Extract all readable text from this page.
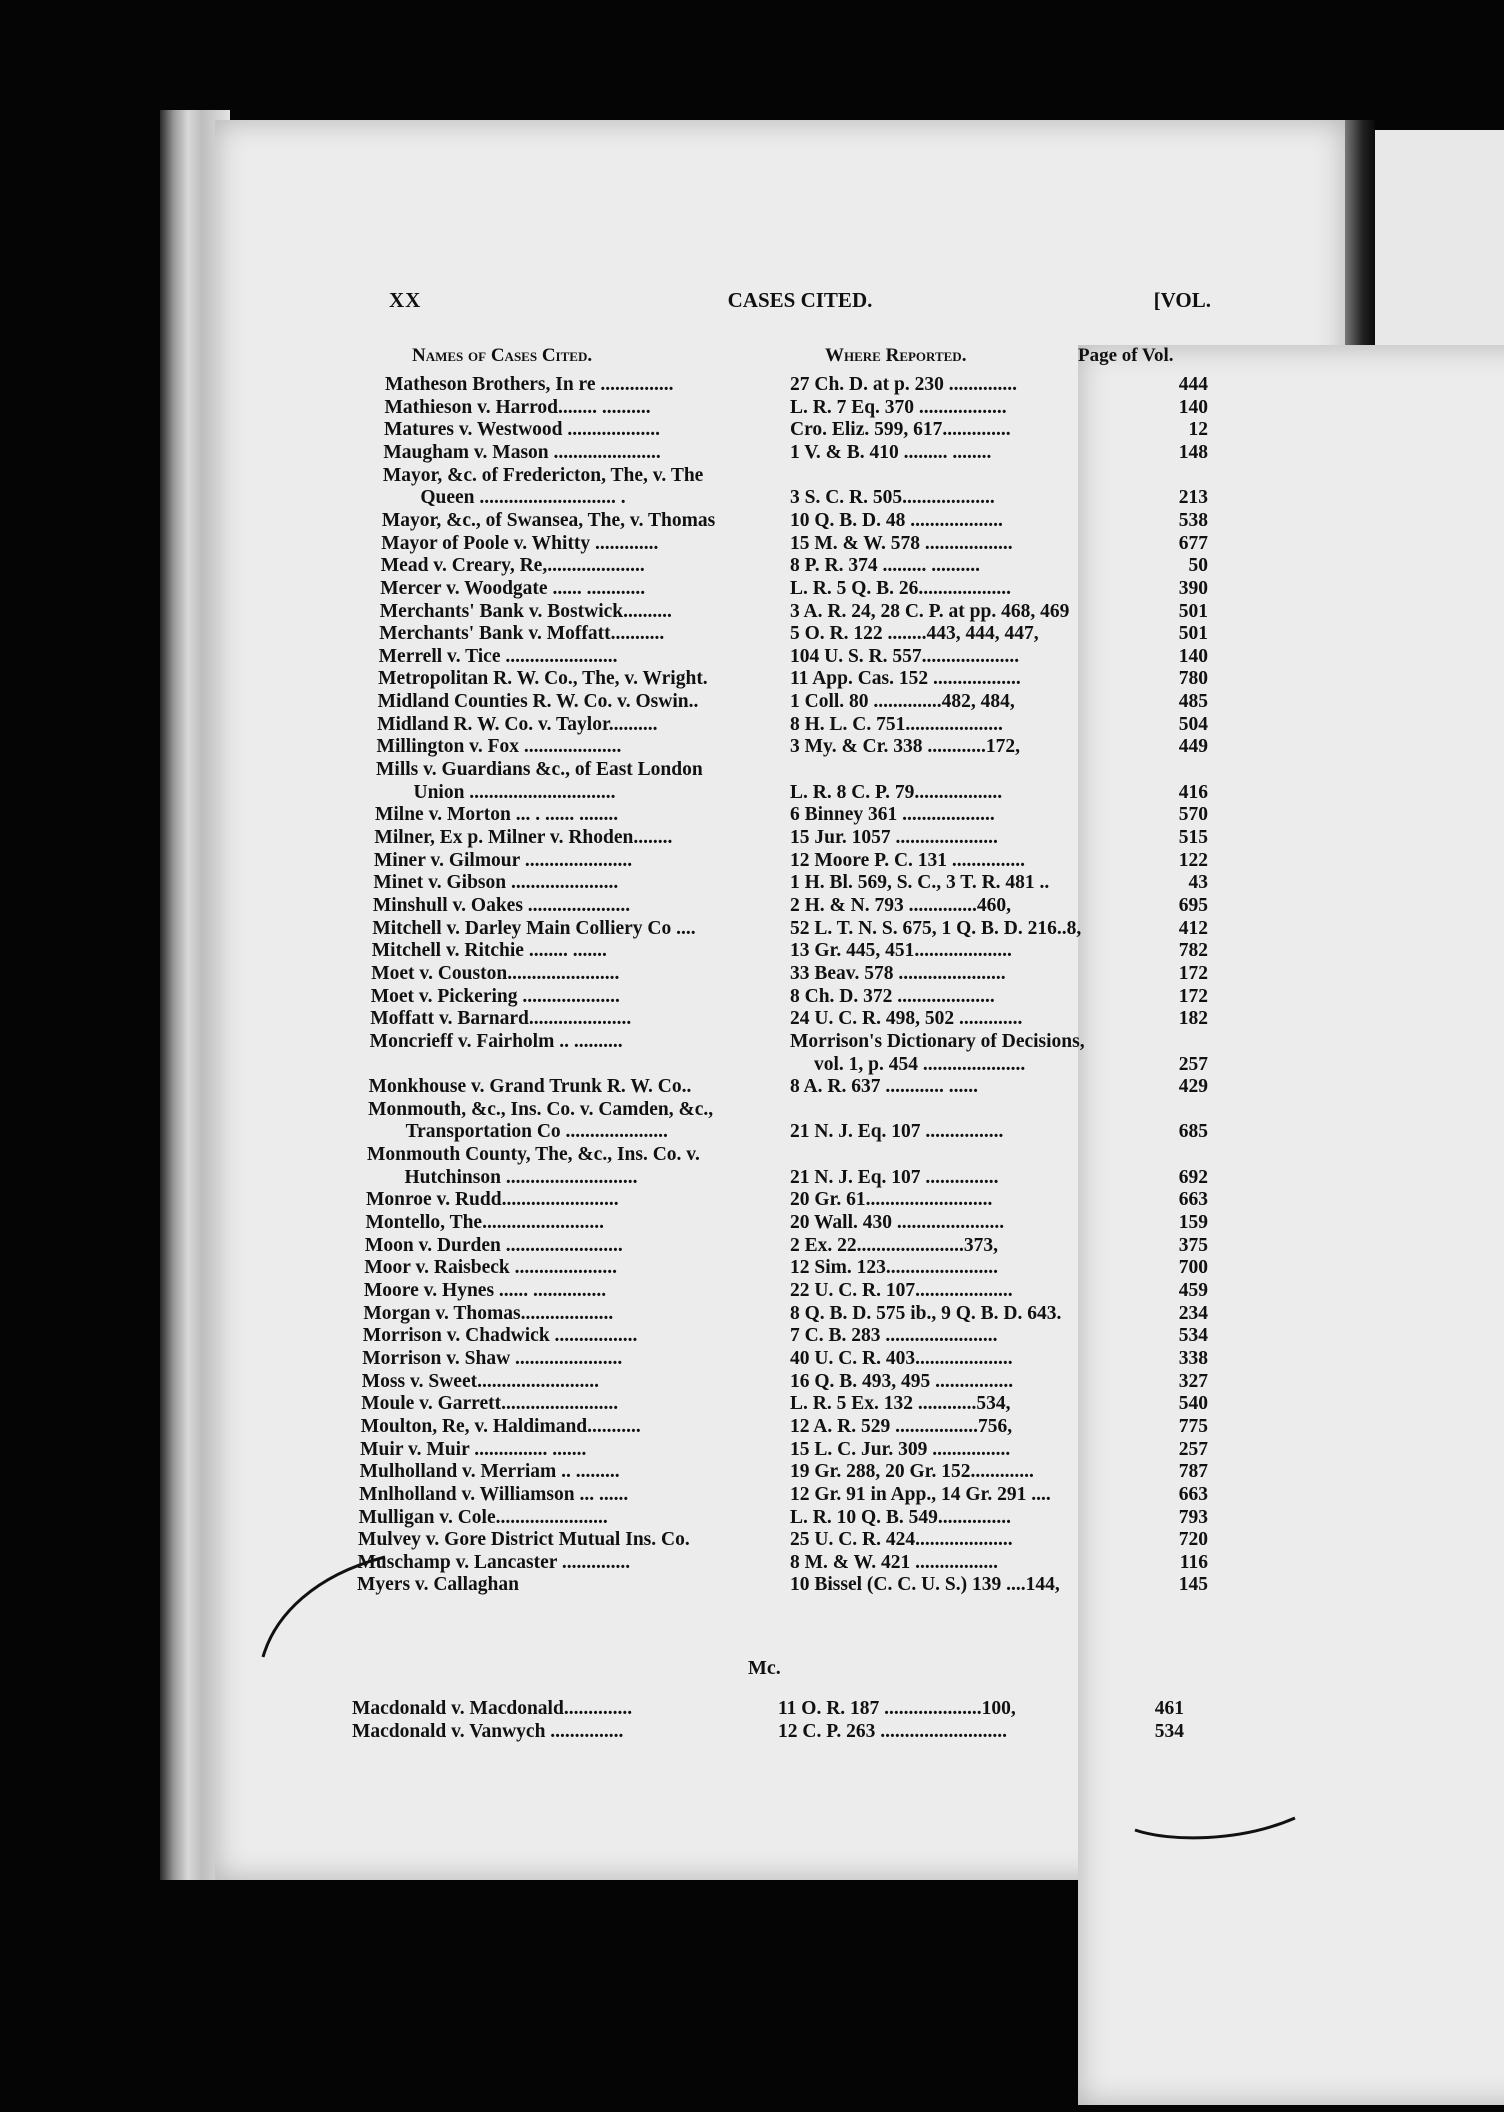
XX	CASES CITED.	[VOL.
Names of Cases Cited.	Where Reported.	Page of Vol.
Matheson Brothers, In re ...............	27 Ch. D. at p. 230 ..............	444
Mathieson v. Harrod........ ..........	L. R. 7 Eq. 370 ..................	140
Matures v. Westwood ...................	Cro. Eliz. 599, 617..............	12
Maugham v. Mason ......................	1 V. & B. 410 ......... ........	148
Mayor, &c. of Fredericton, The, v. The
Queen ............................ .	3 S. C. R. 505...................	213
Mayor, &c., of Swansea, The, v. Thomas	10 Q. B. D. 48 ...................	538
Mayor of Poole v. Whitty .............	15 M. & W. 578 ..................	677
Mead v. Creary, Re,....................	8 P. R. 374 ......... ..........	50
Mercer v. Woodgate ...... ............	L. R. 5 Q. B. 26...................	390
Merchants' Bank v. Bostwick..........	3 A. R. 24, 28 C. P. at pp. 468, 469	501
Merchants' Bank v. Moffatt...........	5 O. R. 122 ........443, 444, 447,	501
Merrell v. Tice .......................	104 U. S. R. 557....................	140
Metropolitan R. W. Co., The, v. Wright.	11 App. Cas. 152 ..................	780
Midland Counties R. W. Co. v. Oswin..	1 Coll. 80 ..............482, 484,	485
Midland R. W. Co. v. Taylor..........	8 H. L. C. 751....................	504
Millington v. Fox ....................	3 My. & Cr. 338 ............172,	449
Mills v. Guardians &c., of East London
Union ..............................	L. R. 8 C. P. 79..................	416
Milne v. Morton ... . ...... ........	6 Binney 361 ...................	570
Milner, Ex p. Milner v. Rhoden........	15 Jur. 1057 .....................	515
Miner v. Gilmour ......................	12 Moore P. C. 131 ...............	122
Minet v. Gibson ......................	1 H. Bl. 569, S. C., 3 T. R. 481 ..	43
Minshull v. Oakes .....................	2 H. & N. 793 ..............460,	695
Mitchell v. Darley Main Colliery Co ....	52 L. T. N. S. 675, 1 Q. B. D. 216..8,	412
Mitchell v. Ritchie ........ .......	13 Gr. 445, 451....................	782
Moet v. Couston.......................	33 Beav. 578 ......................	172
Moet v. Pickering ....................	8 Ch. D. 372 ....................	172
Moffatt v. Barnard.....................	24 U. C. R. 498, 502 .............	182
Moncrieff v. Fairholm .. ..........	Morrison's Dictionary of Decisions,
vol. 1, p. 454 .....................	257
Monkhouse v. Grand Trunk R. W. Co..	8 A. R. 637 ............ ......	429
Monmouth, &c., Ins. Co. v. Camden, &c.,
Transportation Co .....................	21 N. J. Eq. 107 ................	685
Monmouth County, The, &c., Ins. Co. v.
Hutchinson ...........................	21 N. J. Eq. 107 ...............	692
Monroe v. Rudd........................	20 Gr. 61..........................	663
Montello, The.........................	20 Wall. 430 ......................	159
Moon v. Durden ........................	2 Ex. 22......................373,	375
Moor v. Raisbeck .....................	12 Sim. 123.......................	700
Moore v. Hynes ...... ...............	22 U. C. R. 107....................	459
Morgan v. Thomas...................	8 Q. B. D. 575 ib., 9 Q. B. D. 643.	234
Morrison v. Chadwick .................	7 C. B. 283 .......................	534
Morrison v. Shaw ......................	40 U. C. R. 403....................	338
Moss v. Sweet.........................	16 Q. B. 493, 495 ................	327
Moule v. Garrett........................	L. R. 5 Ex. 132 ............534,	540
Moulton, Re, v. Haldimand...........	12 A. R. 529 .................756,	775
Muir v. Muir ............... .......	15 L. C. Jur. 309 ................	257
Mulholland v. Merriam .. .........	19 Gr. 288, 20 Gr. 152.............	787
Mnlholland v. Williamson ... ......	12 Gr. 91 in App., 14 Gr. 291 ....	663
Mulligan v. Cole.......................	L. R. 10 Q. B. 549...............	793
Mulvey v. Gore District Mutual Ins. Co.	25 U. C. R. 424....................	720
Muschamp v. Lancaster ..............	8 M. & W. 421 .................	116
Myers v. Callaghan	10 Bissel (C. C. U. S.) 139 ....144,	145
Mc.
Macdonald v. Macdonald..............	11 O. R. 187 ....................100,	461
Macdonald v. Vanwych ...............	12 C. P. 263 ..........................	534
